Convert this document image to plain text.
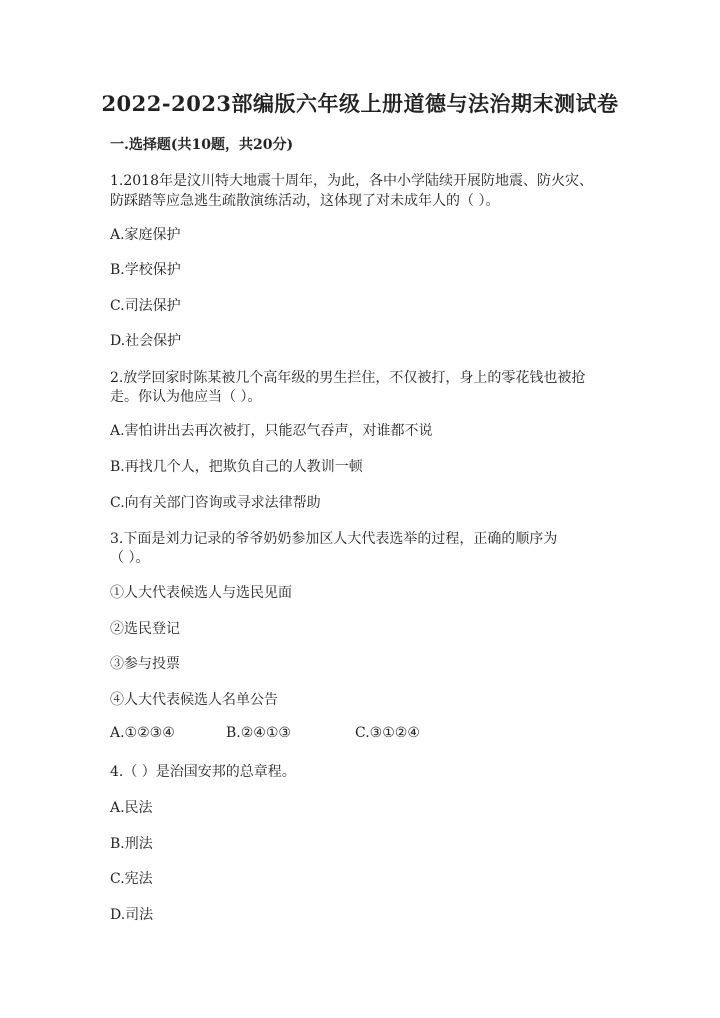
2022-2023部编版六年级上册道德与法治期末测试卷
一.选择题(共10题，共20分)
1.2018年是汶川特大地震十周年，为此，各中小学陆续开展防地震、防火灾、
防踩踏等应急逃生疏散演练活动，这体现了对未成年人的（ ）。
A.家庭保护
B.学校保护
C.司法保护
D.社会保护
2.放学回家时陈某被几个高年级的男生拦住，不仅被打，身上的零花钱也被抢
走。你认为他应当（ ）。
A.害怕讲出去再次被打，只能忍气吞声，对谁都不说
B.再找几个人，把欺负自己的人教训一顿
C.向有关部门咨询或寻求法律帮助
3.下面是刘力记录的爷爷奶奶参加区人大代表选举的过程，正确的顺序为
（ ）。
①人大代表候选人与选民见面
②选民登记
③参与投票
④人大代表候选人名单公告
A.①②③④	B.②④①③	C.③①②④
4.（ ）是治国安邦的总章程。
A.民法
B.刑法
C.宪法
D.司法
